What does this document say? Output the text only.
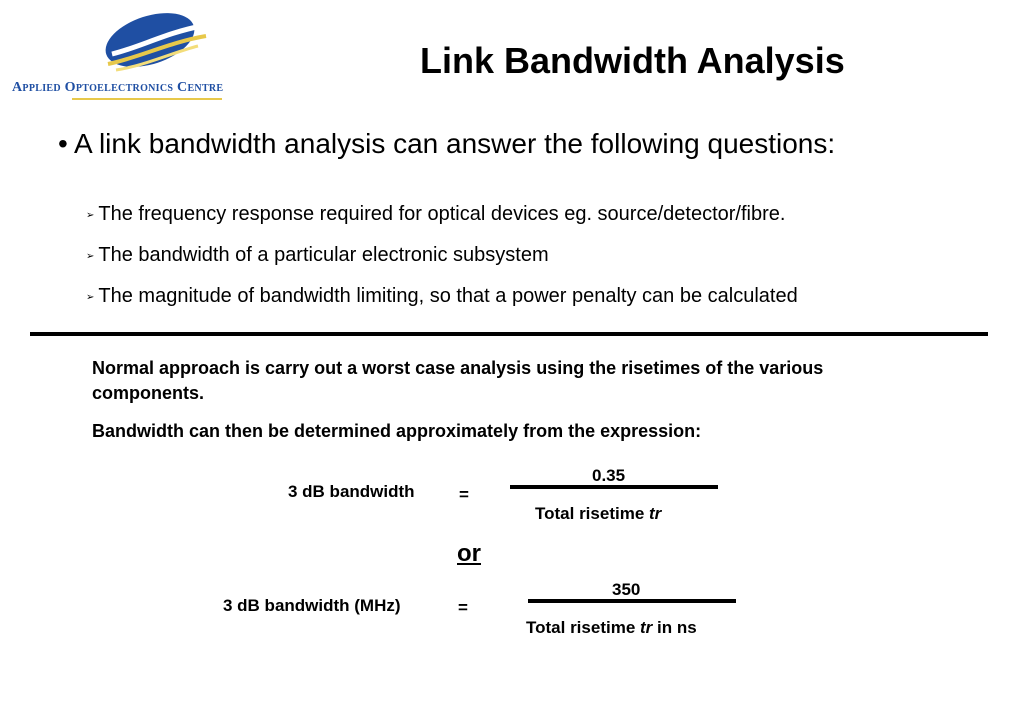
Applied Optoelectronics Centre
Link Bandwidth Analysis
• A link bandwidth analysis can answer the following questions:
➢ The frequency response required for optical devices eg. source/detector/fibre.
➢ The bandwidth of a particular electronic subsystem
➢ The magnitude of bandwidth limiting, so that a power penalty can be calculated
Normal approach is carry out a worst case analysis using the risetimes of the various components.
Bandwidth can then be determined approximately from the expression:
3 dB bandwidth	=
0.35
Total risetime tr
or
3 dB bandwidth (MHz)	=
350
Total risetime tr in ns
